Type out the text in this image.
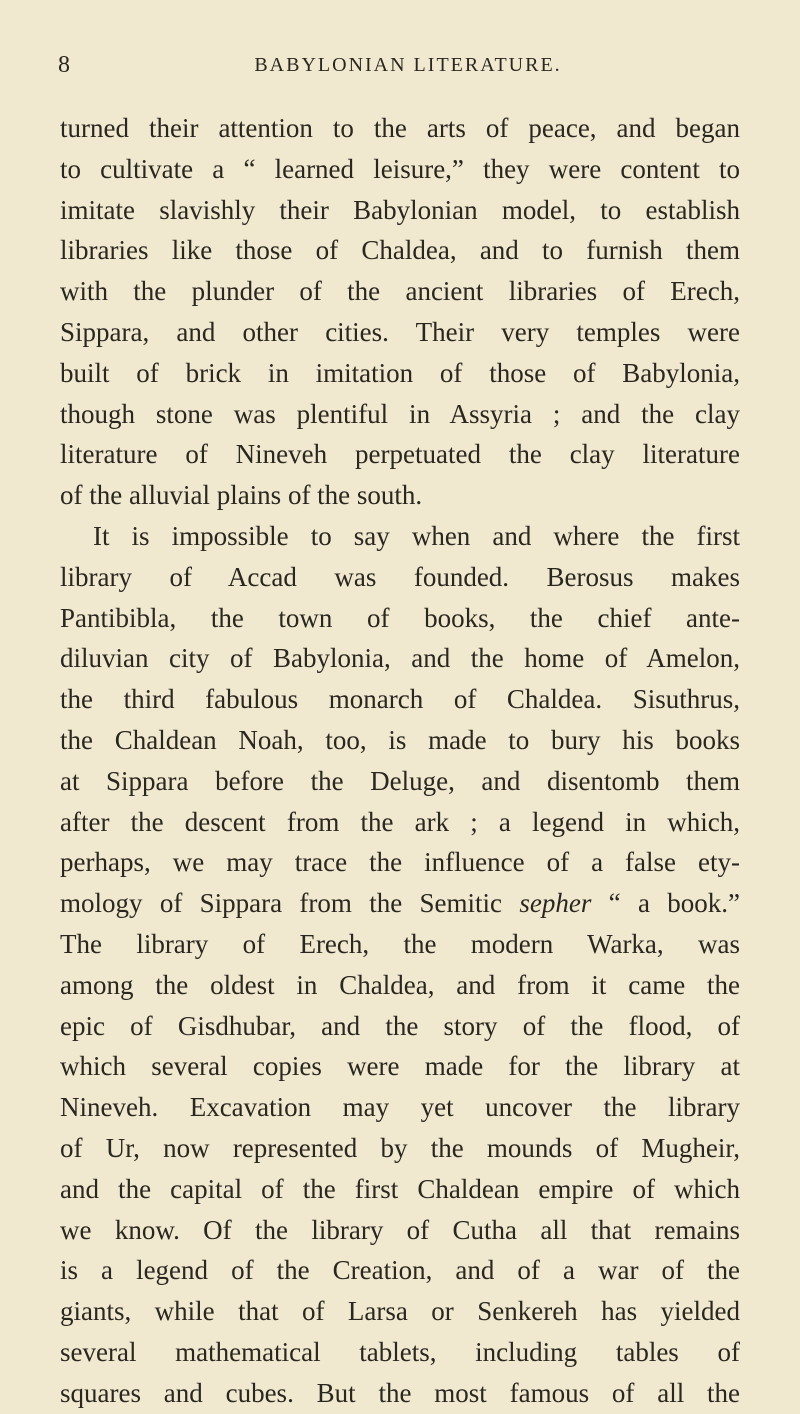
8	BABYLONIAN LITERATURE.
turned their attention to the arts of peace, and began
to cultivate a “ learned leisure,” they were content to
imitate slavishly their Babylonian model, to establish
libraries like those of Chaldea, and to furnish them
with the plunder of the ancient libraries of Erech,
Sippara, and other cities. Their very temples were
built of brick in imitation of those of Babylonia,
though stone was plentiful in Assyria ; and the clay
literature of Nineveh perpetuated the clay literature
of the alluvial plains of the south.
It is impossible to say when and where the first
library of Accad was founded. Berosus makes
Pantibibla, the town of books, the chief ante-
diluvian city of Babylonia, and the home of Amelon,
the third fabulous monarch of Chaldea. Sisuthrus,
the Chaldean Noah, too, is made to bury his books
at Sippara before the Deluge, and disentomb them
after the descent from the ark ; a legend in which,
perhaps, we may trace the influence of a false ety-
mology of Sippara from the Semitic sepher “ a book.”
The library of Erech, the modern Warka, was
among the oldest in Chaldea, and from it came the
epic of Gisdhubar, and the story of the flood, of
which several copies were made for the library at
Nineveh. Excavation may yet uncover the library
of Ur, now represented by the mounds of Mugheir,
and the capital of the first Chaldean empire of which
we know. Of the library of Cutha all that remains
is a legend of the Creation, and of a war of the
giants, while that of Larsa or Senkereh has yielded
several mathematical tablets, including tables of
squares and cubes. But the most famous of all the
